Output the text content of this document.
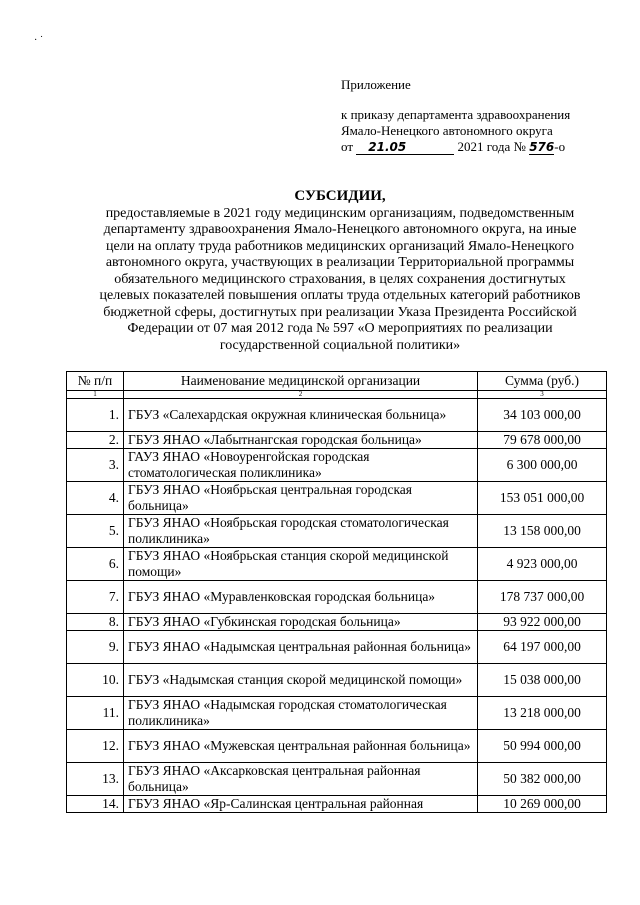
· ˙
Приложение
к приказу департамента здравоохранения
Ямало-Ненецкого автономного округа
от 21.05	2021 года № 576-о
СУБСИДИИ,
предоставляемые в 2021 году медицинским организациям, подведомственным
департаменту здравоохранения Ямало-Ненецкого автономного округа, на иные
цели на оплату труда работников медицинских организаций Ямало-Ненецкого
автономного округа, участвующих в реализации Территориальной программы
обязательного медицинского страхования, в целях сохранения достигнутых
целевых показателей повышения оплаты труда отдельных категорий работников
бюджетной сферы, достигнутых при реализации Указа Президента Российской
Федерации от 07 мая 2012 года № 597 «О мероприятиях по реализации
государственной социальной политики»
№ п/п	Наименование медицинской организации	Сумма (руб.)
1	2	3
1.	ГБУЗ «Салехардская окружная клиническая больница»	34 103 000,00
2.	ГБУЗ ЯНАО «Лабытнангская городская больница»	79 678 000,00
3.	ГАУЗ ЯНАО «Новоуренгойская городская стоматологическая поликлиника»	6 300 000,00
4.	ГБУЗ ЯНАО «Ноябрьская центральная городская больница»	153 051 000,00
5.	ГБУЗ ЯНАО «Ноябрьская городская стоматологическая поликлиника»	13 158 000,00
6.	ГБУЗ ЯНАО «Ноябрьская станция скорой медицинской помощи»	4 923 000,00
7.	ГБУЗ ЯНАО «Муравленковская городская больница»	178 737 000,00
8.	ГБУЗ ЯНАО «Губкинская городская больница»	93 922 000,00
9.	ГБУЗ ЯНАО «Надымская центральная районная больница»	64 197 000,00
10.	ГБУЗ «Надымская станция скорой медицинской помощи»	15 038 000,00
11.	ГБУЗ ЯНАО «Надымская городская стоматологическая поликлиника»	13 218 000,00
12.	ГБУЗ ЯНАО «Мужевская центральная районная больница»	50 994 000,00
13.	ГБУЗ ЯНАО «Аксарковская центральная районная больница»	50 382 000,00
14.	ГБУЗ ЯНАО «Яр-Салинская центральная районная	10 269 000,00
